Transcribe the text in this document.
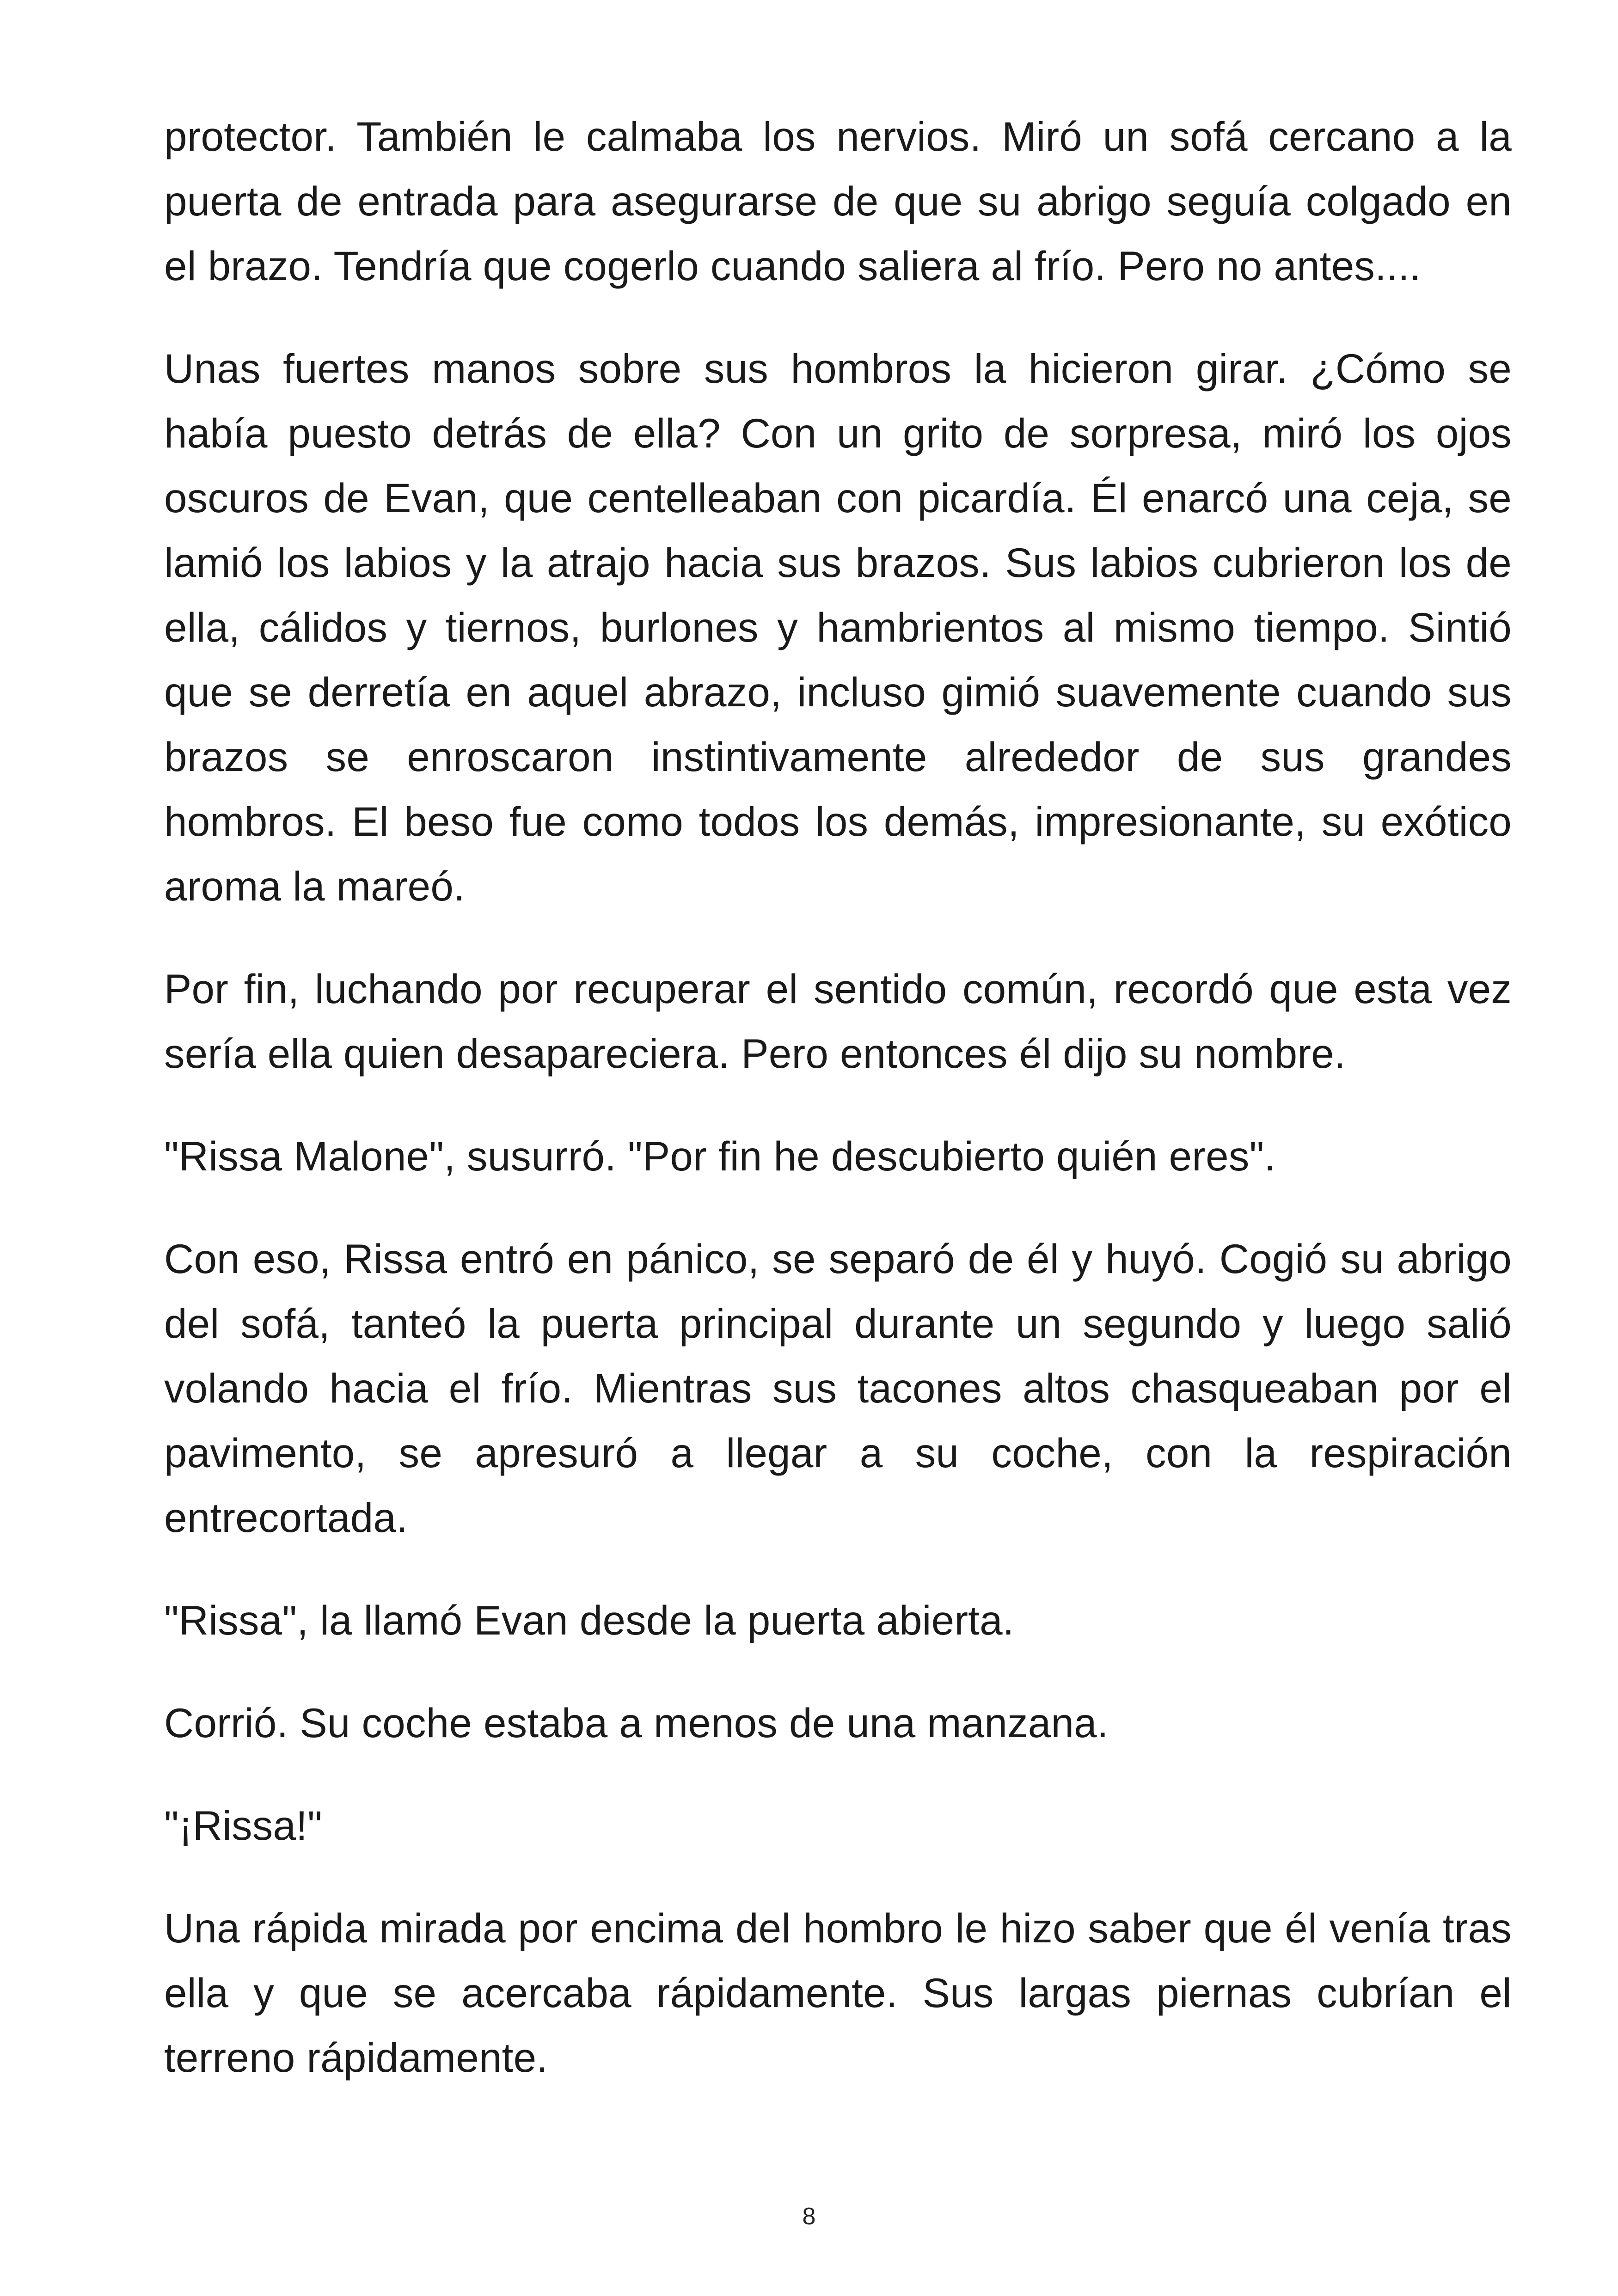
protector. También le calmaba los nervios. Miró un sofá cercano a la puerta de entrada para asegurarse de que su abrigo seguía colgado en el brazo. Tendría que cogerlo cuando saliera al frío. Pero no antes....

Unas fuertes manos sobre sus hombros la hicieron girar. ¿Cómo se había puesto detrás de ella? Con un grito de sorpresa, miró los ojos oscuros de Evan, que centelleaban con picardía. Él enarcó una ceja, se lamió los labios y la atrajo hacia sus brazos. Sus labios cubrieron los de ella, cálidos y tiernos, burlones y hambrientos al mismo tiempo. Sintió que se derretía en aquel abrazo, incluso gimió suavemente cuando sus brazos se enroscaron instintivamente alrededor de sus grandes hombros. El beso fue como todos los demás, impresionante, su exótico aroma la mareó.

Por fin, luchando por recuperar el sentido común, recordó que esta vez sería ella quien desapareciera. Pero entonces él dijo su nombre.

"Rissa Malone", susurró. "Por fin he descubierto quién eres".

Con eso, Rissa entró en pánico, se separó de él y huyó. Cogió su abrigo del sofá, tanteó la puerta principal durante un segundo y luego salió volando hacia el frío. Mientras sus tacones altos chasqueaban por el pavimento, se apresuró a llegar a su coche, con la respiración entrecortada.

"Rissa", la llamó Evan desde la puerta abierta.

Corrió. Su coche estaba a menos de una manzana.

"¡Rissa!"

Una rápida mirada por encima del hombro le hizo saber que él venía tras ella y que se acercaba rápidamente. Sus largas piernas cubrían el terreno rápidamente.

8
